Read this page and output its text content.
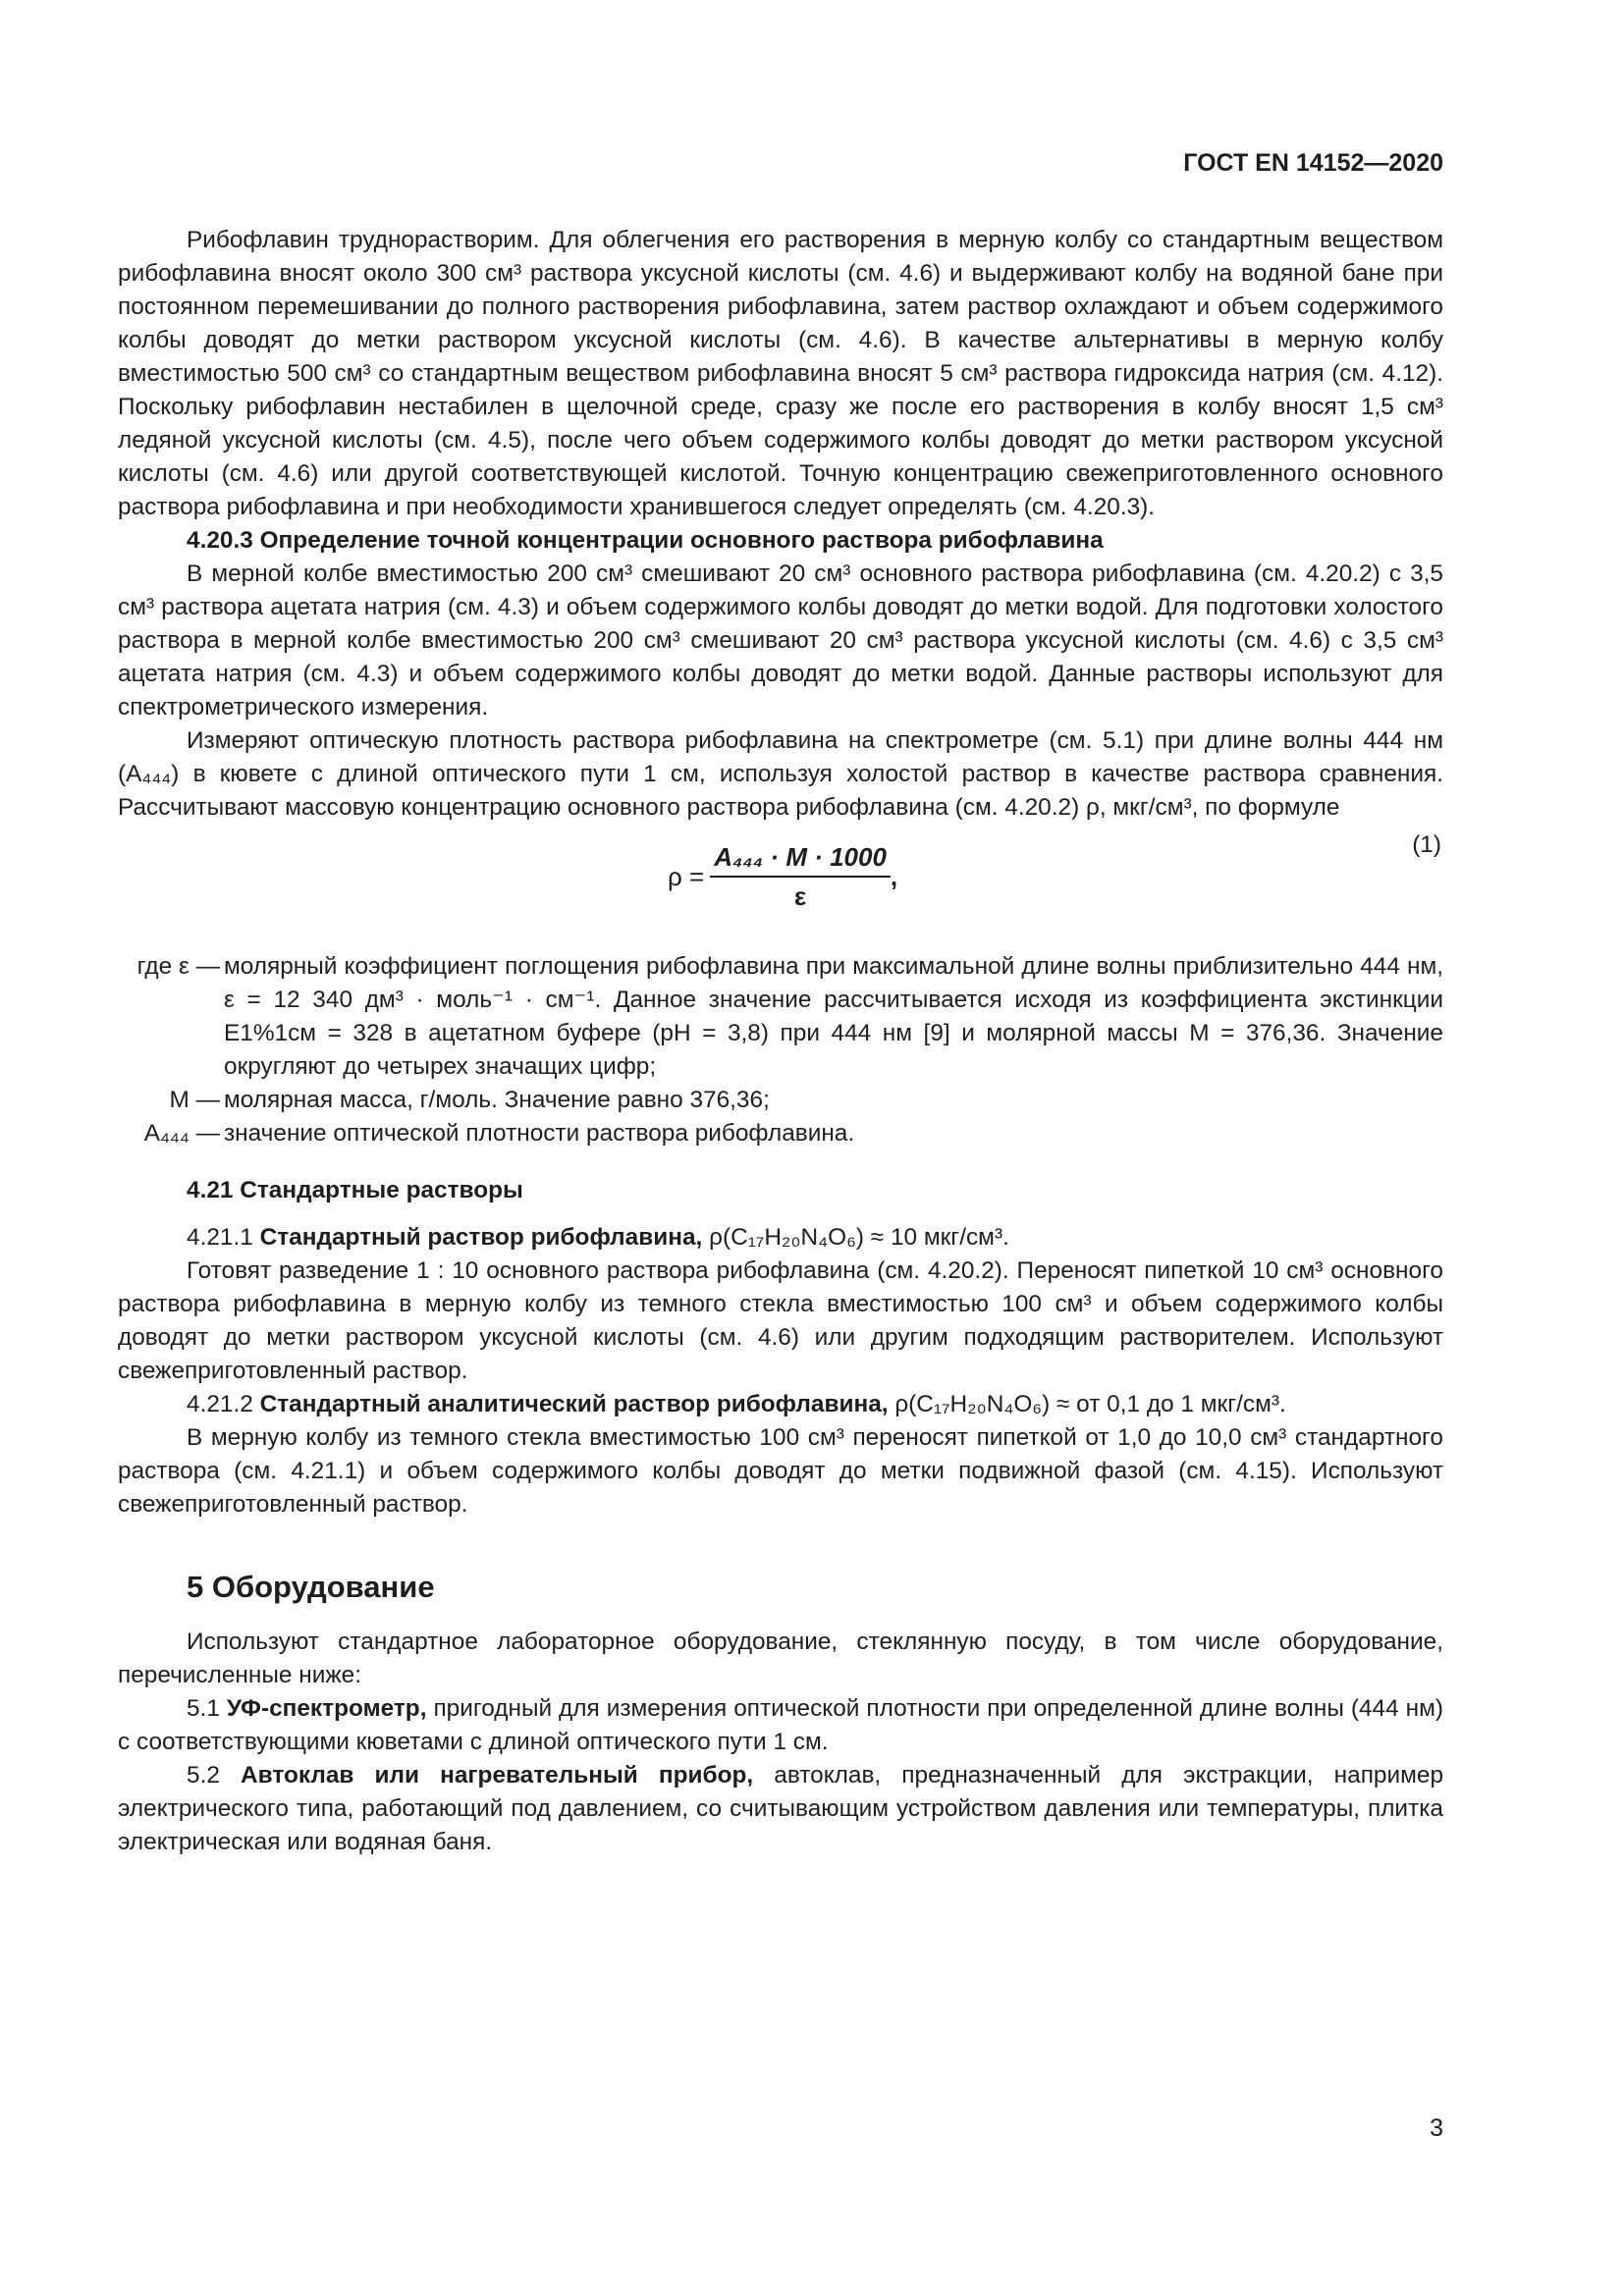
ГОСТ EN 14152—2020

Рибофлавин труднорастворим. Для облегчения его растворения в мерную колбу со стандартным веществом рибофлавина вносят около 300 см³ раствора уксусной кислоты (см. 4.6) и выдерживают колбу на водяной бане при постоянном перемешивании до полного растворения рибофлавина, затем раствор охлаждают и объем содержимого колбы доводят до метки раствором уксусной кислоты (см. 4.6). В качестве альтернативы в мерную колбу вместимостью 500 см³ со стандартным веществом рибофлавина вносят 5 см³ раствора гидроксида натрия (см. 4.12). Поскольку рибофлавин нестабилен в щелочной среде, сразу же после его растворения в колбу вносят 1,5 см³ ледяной уксусной кислоты (см. 4.5), после чего объем содержимого колбы доводят до метки раствором уксусной кислоты (см. 4.6) или другой соответствующей кислотой. Точную концентрацию свежеприготовленного основного раствора рибофлавина и при необходимости хранившегося следует определять (см. 4.20.3).

4.20.3 Определение точной концентрации основного раствора рибофлавина

В мерной колбе вместимостью 200 см³ смешивают 20 см³ основного раствора рибофлавина (см. 4.20.2) с 3,5 см³ раствора ацетата натрия (см. 4.3) и объем содержимого колбы доводят до метки водой. Для подготовки холостого раствора в мерной колбе вместимостью 200 см³ смешивают 20 см³ раствора уксусной кислоты (см. 4.6) с 3,5 см³ ацетата натрия (см. 4.3) и объем содержимого колбы доводят до метки водой. Данные растворы используют для спектрометрического измерения.

Измеряют оптическую плотность раствора рибофлавина на спектрометре (см. 5.1) при длине волны 444 нм (A₄₄₄) в кювете с длиной оптического пути 1 см, используя холостой раствор в качестве раствора сравнения. Рассчитывают массовую концентрацию основного раствора рибофлавина (см. 4.20.2) ρ, мкг/см³, по формуле

$\rho = \frac{\text{A₄₄₄ · M · 1000}}{\varepsilon}$ ,
(1)
где ε — молярный коэффициент поглощения рибофлавина при максимальной длине волны приблизительно 444 нм, ε = 12 340 дм³ · моль⁻¹ · см⁻¹. Данное значение рассчитывается исходя из коэффициента экстинкции E1%1см = 328 в ацетатном буфере (pH = 3,8) при 444 нм [9] и молярной массы M = 376,36. Значение округляют до четырех значащих цифр;
M — молярная масса, г/моль. Значение равно 376,36;
A₄₄₄ — значение оптической плотности раствора рибофлавина.

4.21 Стандартные растворы

4.21.1 Стандартный раствор рибофлавина, ρ(C₁₇H₂₀N₄O₆) ≈ 10 мкг/см³.

Готовят разведение 1 : 10 основного раствора рибофлавина (см. 4.20.2). Переносят пипеткой 10 см³ основного раствора рибофлавина в мерную колбу из темного стекла вместимостью 100 см³ и объем содержимого колбы доводят до метки раствором уксусной кислоты (см. 4.6) или другим подходящим растворителем. Используют свежеприготовленный раствор.

4.21.2 Стандартный аналитический раствор рибофлавина, ρ(C₁₇H₂₀N₄O₆) ≈ от 0,1 до 1 мкг/см³.

В мерную колбу из темного стекла вместимостью 100 см³ переносят пипеткой от 1,0 до 10,0 см³ стандартного раствора (см. 4.21.1) и объем содержимого колбы доводят до метки подвижной фазой (см. 4.15). Используют свежеприготовленный раствор.

5 Оборудование

Используют стандартное лабораторное оборудование, стеклянную посуду, в том числе оборудование, перечисленные ниже:

5.1 УФ-спектрометр, пригодный для измерения оптической плотности при определенной длине волны (444 нм) с соответствующими кюветами с длиной оптического пути 1 см.

5.2 Автоклав или нагревательный прибор, автоклав, предназначенный для экстракции, например электрического типа, работающий под давлением, со считывающим устройством давления или температуры, плитка электрическая или водяная баня.

3
